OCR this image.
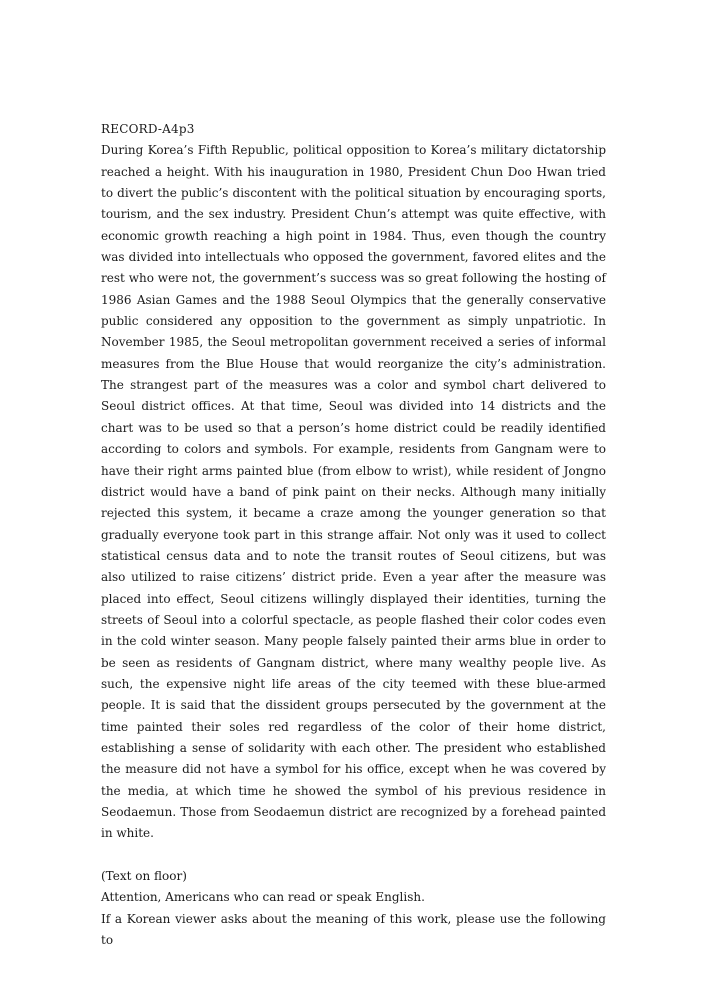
RECORD-A4p3

During Korea’s Fifth Republic, political opposition to Korea’s military dictatorship reached a height. With his inauguration in 1980, President Chun Doo Hwan tried to divert the public’s discontent with the political situation by encouraging sports, tourism, and the sex industry. President Chun’s attempt was quite effective, with economic growth reaching a high point in 1984. Thus, even though the country was divided into intellectuals who opposed the government, favored elites and the rest who were not, the government’s success was so great following the hosting of 1986 Asian Games and the 1988 Seoul Olympics that the generally conservative public considered any opposition to the government as simply unpatriotic. In November 1985, the Seoul metropolitan government received a series of informal measures from the Blue House that would reorganize the city’s administration. The strangest part of the measures was a color and symbol chart delivered to Seoul district offices. At that time, Seoul was divided into 14 districts and the chart was to be used so that a person’s home district could be readily identified according to colors and symbols. For example, residents from Gangnam were to have their right arms painted blue (from elbow to wrist), while resident of Jongno district would have a band of pink paint on their necks. Although many initially rejected this system, it became a craze among the younger generation so that gradually everyone took part in this strange affair. Not only was it used to collect statistical census data and to note the transit routes of Seoul citizens, but was also utilized to raise citizens’ district pride. Even a year after the measure was placed into effect, Seoul citizens willingly displayed their identities, turning the streets of Seoul into a colorful spectacle, as people flashed their color codes even in the cold winter season. Many people falsely painted their arms blue in order to be seen as residents of Gangnam district, where many wealthy people live. As such, the expensive night life areas of the city teemed with these blue-armed people. It is said that the dissident groups persecuted by the government at the time painted their soles red regardless of the color of their home district, establishing a sense of solidarity with each other. The president who established the measure did not have a symbol for his office, except when he was covered by the media, at which time he showed the symbol of his previous residence in Seodaemun. Those from Seodaemun district are recognized by a forehead painted in white.

(Text on floor)

Attention, Americans who can read or speak English.

If a Korean viewer asks about the meaning of this work, please use the following to
